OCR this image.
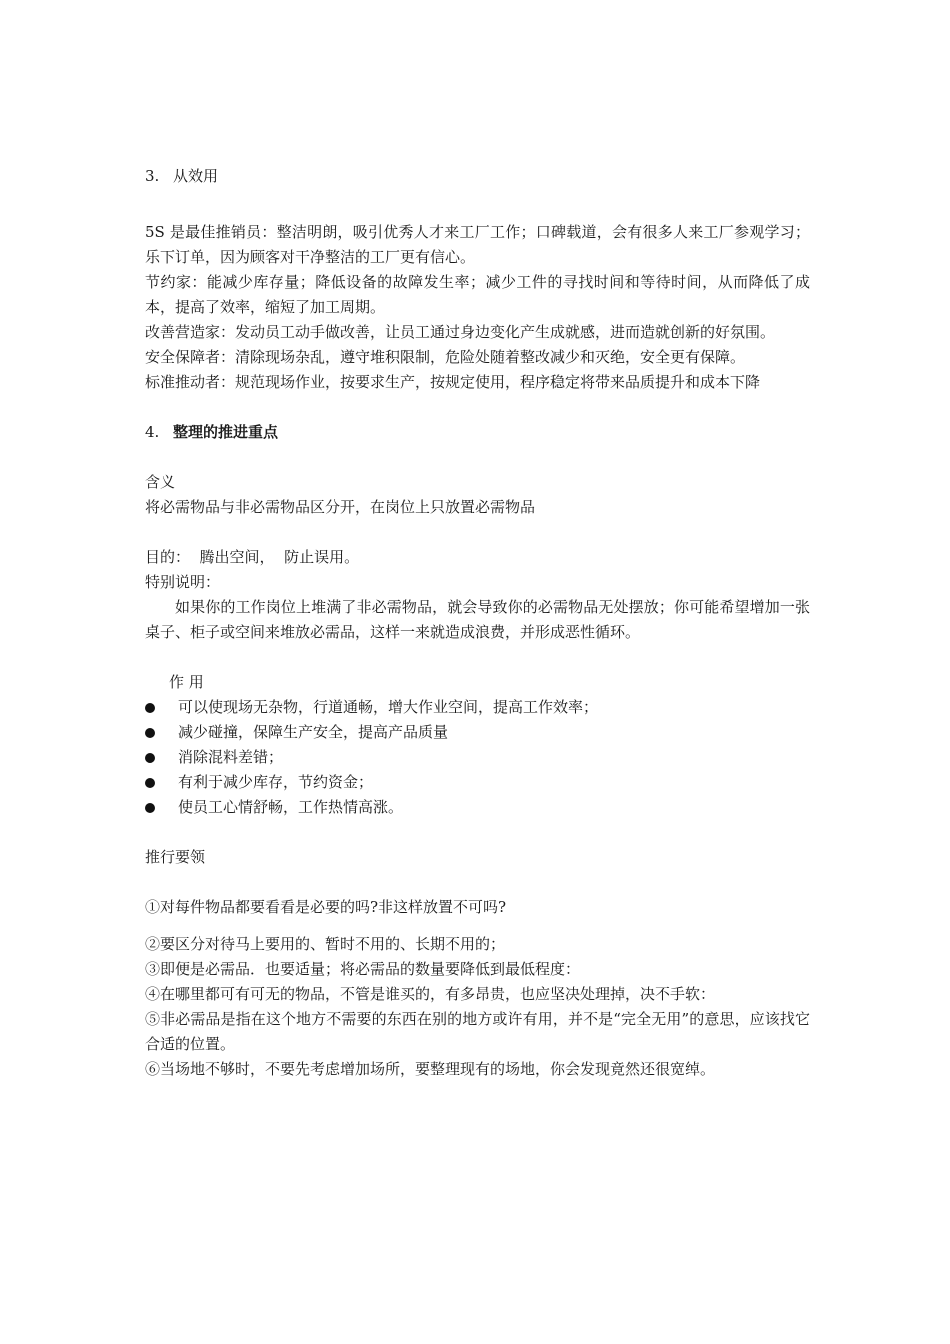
3. 从效用

5S 是最佳推销员：整洁明朗，吸引优秀人才来工厂工作；口碑载道，会有很多人来工厂参观学习；乐下订单，因为顾客对干净整洁的工厂更有信心。

节约家：能减少库存量；降低设备的故障发生率；减少工件的寻找时间和等待时间，从而降低了成本，提高了效率，缩短了加工周期。

改善营造家：发动员工动手做改善，让员工通过身边变化产生成就感，进而造就创新的好氛围。

安全保障者：清除现场杂乱，遵守堆积限制，危险处随着整改减少和灭绝，安全更有保障。

标准推动者：规范现场作业，按要求生产，按规定使用，程序稳定将带来品质提升和成本下降

4. 整理的推进重点

含义

将必需物品与非必需物品区分开，在岗位上只放置必需物品

目的：  腾出空间，  防止误用。

特别说明：

如果你的工作岗位上堆满了非必需物品，就会导致你的必需物品无处摆放；你可能希望增加一张桌子、柜子或空间来堆放必需品，这样一来就造成浪费，并形成恶性循环。

作 用

可以使现场无杂物，行道通畅，增大作业空间，提高工作效率；
减少碰撞，保障生产安全，提高产品质量
消除混料差错；
有利于减少库存，节约资金；
使员工心情舒畅，工作热情高涨。

推行要领

①对每件物品都要看看是必要的吗?非这样放置不可吗?

②要区分对待马上要用的、暂时不用的、长期不用的；

③即便是必需品．也要适量；将必需品的数量要降低到最低程度：

④在哪里都可有可无的物品，不管是谁买的，有多昂贵，也应坚决处理掉，决不手软：

⑤非必需品是指在这个地方不需要的东西在别的地方或许有用，并不是“完全无用”的意思，应该找它合适的位置。

⑥当场地不够时，不要先考虑增加场所，要整理现有的场地，你会发现竟然还很宽绰。
